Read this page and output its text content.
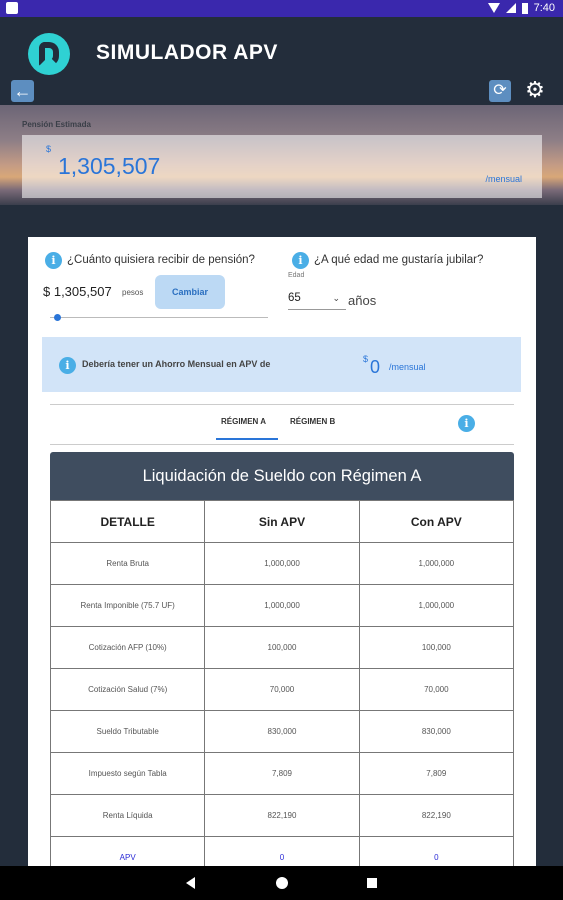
7:40
SIMULADOR APV
←	⟳ ⚙
Pensión Estimada
$
1,305,507	/mensual
i ¿Cuánto quisiera recibir de pensión?	i ¿A qué edad me gustaría jubilar?
$ 1,305,507 pesos	Cambiar
Edad
65	⌄ años
i	Debería tener un Ahorro Mensual en APV de	$ 0 /mensual
RÉGIMEN A	RÉGIMEN B	i
Liquidación de Sueldo con Régimen A
DETALLE	Sin APV	Con APV
Renta Bruta	1,000,000	1,000,000
Renta Imponible (75.7 UF)	1,000,000	1,000,000
Cotización AFP (10%)	100,000	100,000
Cotización Salud (7%)	70,000	70,000
Sueldo Tributable	830,000	830,000
Impuesto según Tabla	7,809	7,809
Renta Líquida	822,190	822,190
APV	0	0
